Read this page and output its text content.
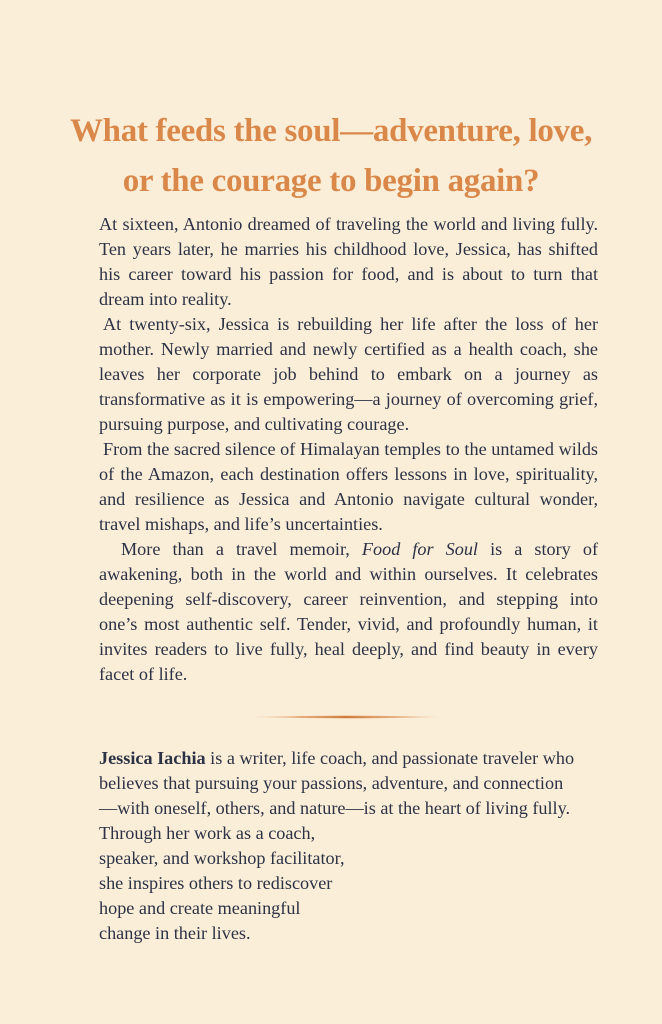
What feeds the soul—adventure, love,
or the courage to begin again?

At sixteen, Antonio dreamed of traveling the world and living fully. Ten years later, he marries his childhood love, Jessica, has shifted his career toward his passion for food, and is about to turn that dream into reality.

At twenty-six, Jessica is rebuilding her life after the loss of her mother. Newly married and newly certified as a health coach, she leaves her corporate job behind to embark on a journey as transformative as it is empowering—a journey of overcoming grief, pursuing purpose, and cultivating courage.

From the sacred silence of Himalayan temples to the untamed wilds of the Amazon, each destination offers lessons in love, spirituality, and resilience as Jessica and Antonio navigate cultural wonder, travel mishaps, and life’s uncertainties.

More than a travel memoir, Food for Soul is a story of awakening, both in the world and within ourselves. It celebrates deepening self-discovery, career reinvention, and stepping into one’s most authentic self. Tender, vivid, and profoundly human, it invites readers to live fully, heal deeply, and find beauty in every facet of life.

Jessica Iachia is a writer, life coach, and passionate traveler who
believes that pursuing your passions, adventure, and connection
—with oneself, others, and nature—is at the heart of living fully.
Through her work as a coach,
speaker, and workshop facilitator,
she inspires others to rediscover
hope and create meaningful
change in their lives.
